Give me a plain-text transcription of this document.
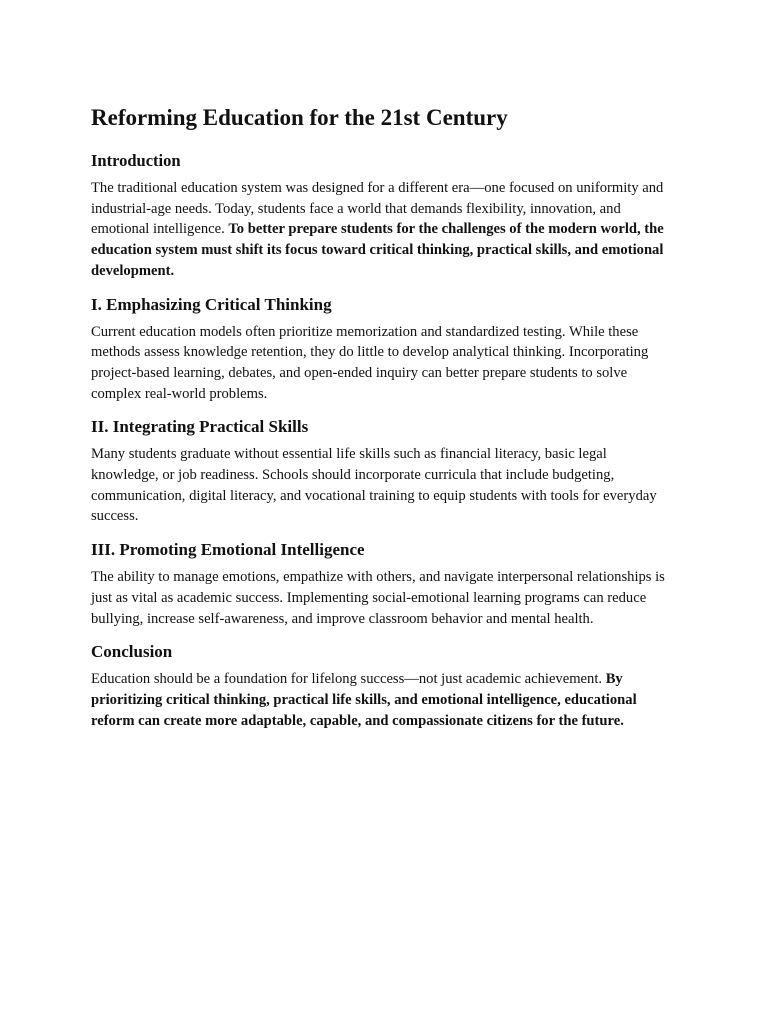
Reforming Education for the 21st Century
Introduction

The traditional education system was designed for a different era—one focused on uniformity and industrial-age needs. Today, students face a world that demands flexibility, innovation, and emotional intelligence. To better prepare students for the challenges of the modern world, the education system must shift its focus toward critical thinking, practical skills, and emotional development.

I. Emphasizing Critical Thinking

Current education models often prioritize memorization and standardized testing. While these methods assess knowledge retention, they do little to develop analytical thinking. Incorporating project-based learning, debates, and open-ended inquiry can better prepare students to solve complex real-world problems.

II. Integrating Practical Skills

Many students graduate without essential life skills such as financial literacy, basic legal knowledge, or job readiness. Schools should incorporate curricula that include budgeting, communication, digital literacy, and vocational training to equip students with tools for everyday success.

III. Promoting Emotional Intelligence

The ability to manage emotions, empathize with others, and navigate interpersonal relationships is just as vital as academic success. Implementing social-emotional learning programs can reduce bullying, increase self-awareness, and improve classroom behavior and mental health.

Conclusion

Education should be a foundation for lifelong success—not just academic achievement. By prioritizing critical thinking, practical life skills, and emotional intelligence, educational reform can create more adaptable, capable, and compassionate citizens for the future.
